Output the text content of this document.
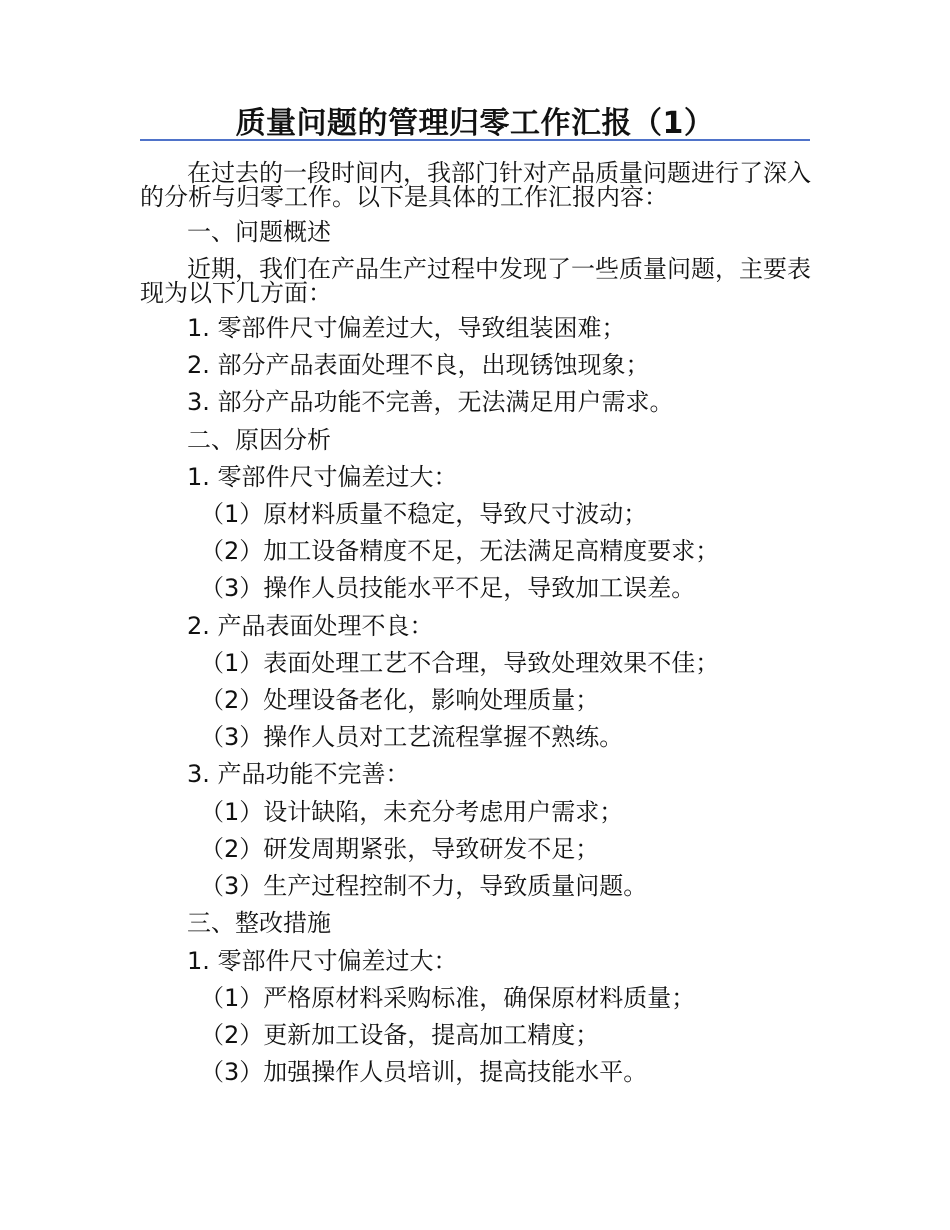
质量问题的管理归零工作汇报（1）

在过去的一段时间内，我部门针对产品质量问题进行了深入的分析与归零工作。以下是具体的工作汇报内容：

一、问题概述

近期，我们在产品生产过程中发现了一些质量问题，主要表现为以下几方面：

1. 零部件尺寸偏差过大，导致组装困难；
2. 部分产品表面处理不良，出现锈蚀现象；
3. 部分产品功能不完善，无法满足用户需求。
二、原因分析
1. 零部件尺寸偏差过大：
（1）原材料质量不稳定，导致尺寸波动；
（2）加工设备精度不足，无法满足高精度要求；
（3）操作人员技能水平不足，导致加工误差。
2. 产品表面处理不良：
（1）表面处理工艺不合理，导致处理效果不佳；
（2）处理设备老化，影响处理质量；
（3）操作人员对工艺流程掌握不熟练。
3. 产品功能不完善：
（1）设计缺陷，未充分考虑用户需求；
（2）研发周期紧张，导致研发不足；
（3）生产过程控制不力，导致质量问题。
三、整改措施
1. 零部件尺寸偏差过大：
（1）严格原材料采购标准，确保原材料质量；
（2）更新加工设备，提高加工精度；
（3）加强操作人员培训，提高技能水平。
